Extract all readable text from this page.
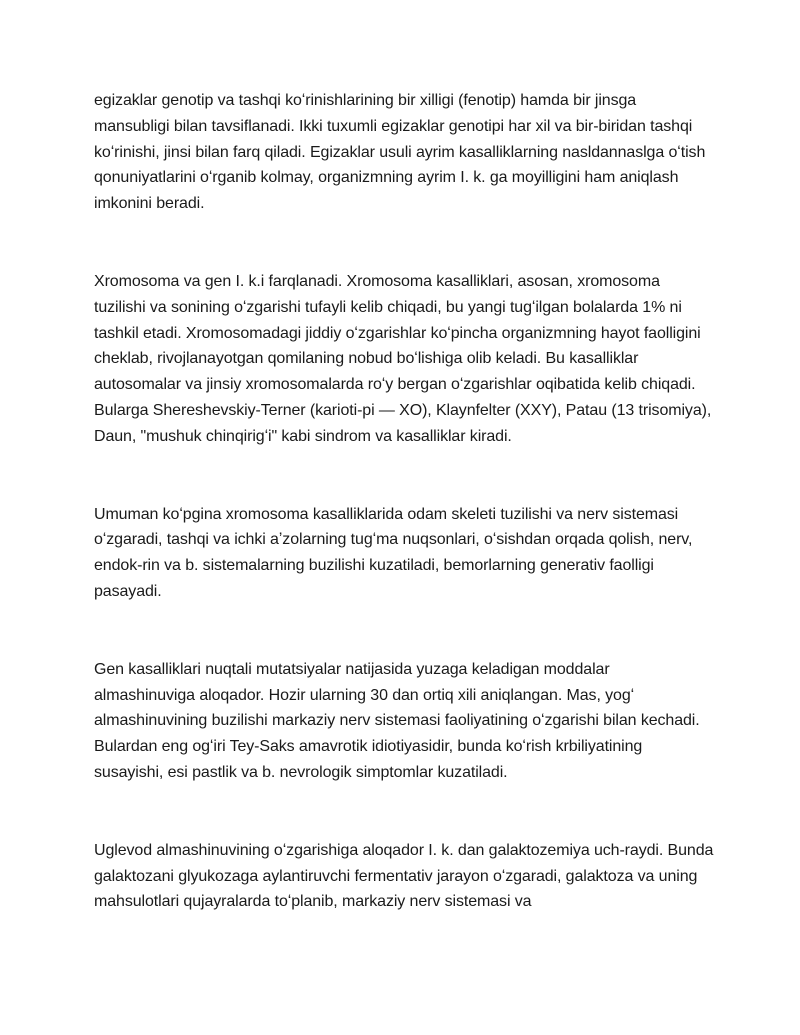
egizaklar genotip va tashqi koʻrinishlarining bir xilligi (fenotip) hamda bir jinsga mansubligi bilan tavsiflanadi. Ikki tuxumli egizaklar genotipi har xil va bir-biridan tashqi koʻrinishi, jinsi bilan farq qiladi. Egizaklar usuli ayrim kasalliklarning nasldannaslga oʻtish qonuniyatlarini oʻrganib kolmay, organizmning ayrim I. k. ga moyilligini ham aniqlash imkonini beradi.

Xromosoma va gen I. k.i farqlanadi. Xromosoma kasalliklari, asosan, xromosoma tuzilishi va sonining oʻzgarishi tufayli kelib chiqadi, bu yangi tugʻilgan bolalarda 1% ni tashkil etadi. Xromosomadagi jiddiy oʻzgarishlar koʻpincha organizmning hayot faolligini cheklab, rivojlanayotgan qomilaning nobud boʻlishiga olib keladi. Bu kasalliklar autosomalar va jinsiy xromosomalarda roʻy bergan oʻzgarishlar oqibatida kelib chiqadi. Bularga Shereshevskiy-Terner (karioti-pi — XO), Klaynfelter (XXY), Patau (13 trisomiya), Daun, "mushuk chinqirigʻi" kabi sindrom va kasalliklar kiradi.

Umuman koʻpgina xromosoma kasalliklarida odam skeleti tuzilishi va nerv sistemasi oʻzgaradi, tashqi va ichki aʼzolarning tugʻma nuqsonlari, oʻsishdan orqada qolish, nerv, endok-rin va b. sistemalarning buzilishi kuzatiladi, bemorlarning generativ faolligi pasayadi.

Gen kasalliklari nuqtali mutatsiyalar natijasida yuzaga keladigan moddalar almashinuviga aloqador. Hozir ularning 30 dan ortiq xili aniqlangan. Mas, yogʻ almashinuvining buzilishi markaziy nerv sistemasi faoliyatining oʻzgarishi bilan kechadi. Bulardan eng ogʻiri Tey-Saks amavrotik idiotiyasidir, bunda koʻrish krbiliyatining susayishi, esi pastlik va b. nevrologik simptomlar kuzatiladi.

Uglevod almashinuvining oʻzgarishiga aloqador I. k. dan galaktozemiya uch-raydi. Bunda galaktozani glyukozaga aylantiruvchi fermentativ jarayon oʻzgaradi, galaktoza va uning mahsulotlari qujayralarda toʻplanib, markaziy nerv sistemasi va
